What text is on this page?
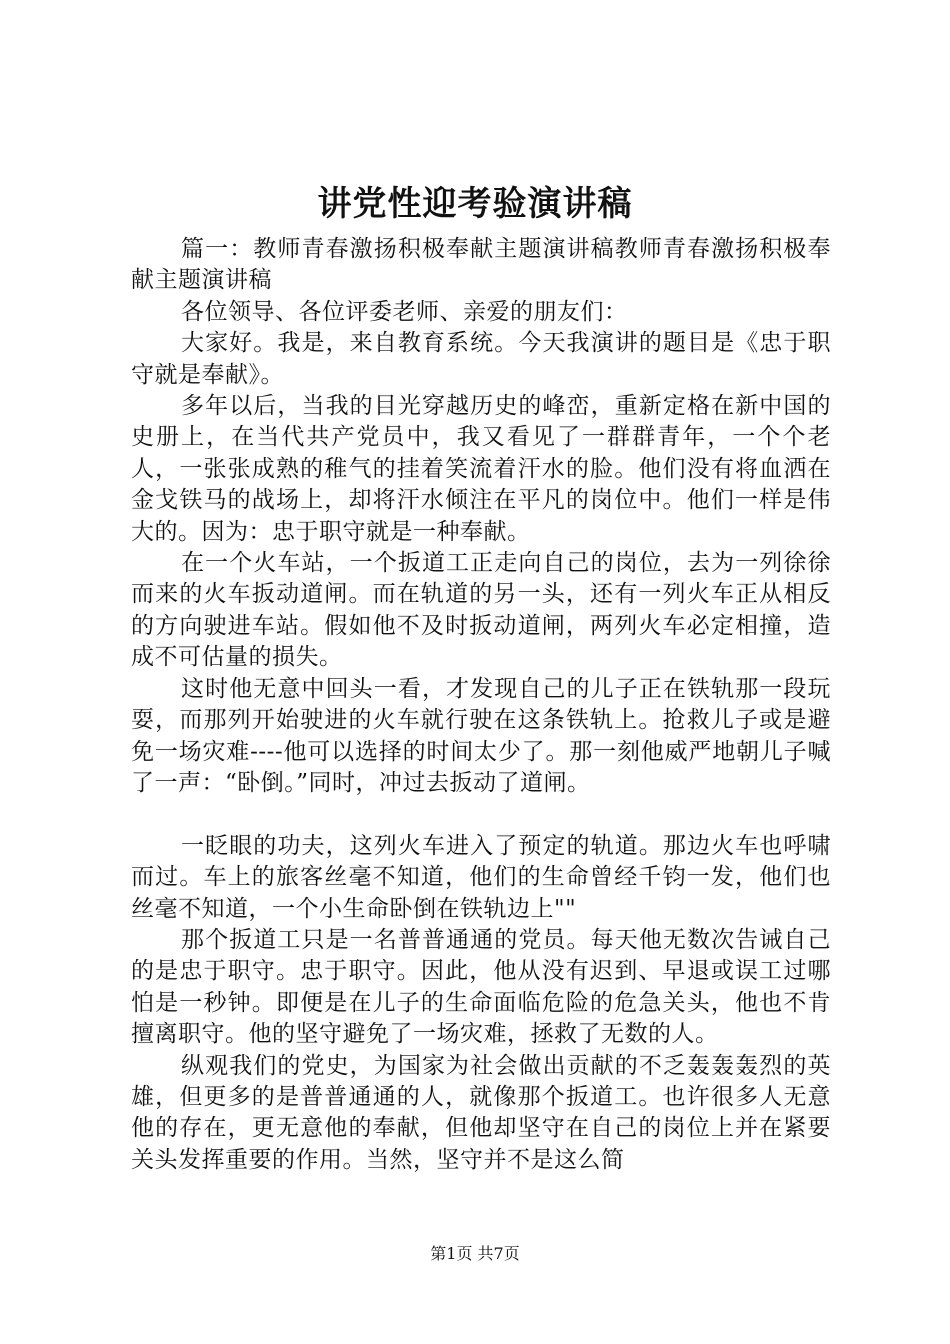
讲党性迎考验演讲稿

篇一：教师青春激扬积极奉献主题演讲稿教师青春激扬积极奉献主题演讲稿

各位领导、各位评委老师、亲爱的朋友们：

大家好。我是，来自教育系统。今天我演讲的题目是《忠于职守就是奉献》。

多年以后，当我的目光穿越历史的峰峦，重新定格在新中国的史册上，在当代共产党员中，我又看见了一群群青年，一个个老人，一张张成熟的稚气的挂着笑流着汗水的脸。他们没有将血洒在金戈铁马的战场上，却将汗水倾注在平凡的岗位中。他们一样是伟大的。因为：忠于职守就是一种奉献。

在一个火车站，一个扳道工正走向自己的岗位，去为一列徐徐而来的火车扳动道闸。而在轨道的另一头，还有一列火车正从相反的方向驶进车站。假如他不及时扳动道闸，两列火车必定相撞，造成不可估量的损失。

这时他无意中回头一看，才发现自己的儿子正在铁轨那一段玩耍，而那列开始驶进的火车就行驶在这条铁轨上。抢救儿子或是避免一场灾难----他可以选择的时间太少了。那一刻他威严地朝儿子喊了一声：“卧倒。”同时，冲过去扳动了道闸。

一眨眼的功夫，这列火车进入了预定的轨道。那边火车也呼啸而过。车上的旅客丝毫不知道，他们的生命曾经千钧一发，他们也丝毫不知道，一个小生命卧倒在铁轨边上""

那个扳道工只是一名普普通通的党员。每天他无数次告诫自己的是忠于职守。忠于职守。因此，他从没有迟到、早退或误工过哪怕是一秒钟。即便是在儿子的生命面临危险的危急关头，他也不肯擅离职守。他的坚守避免了一场灾难，拯救了无数的人。

纵观我们的党史，为国家为社会做出贡献的不乏轰轰轰烈的英雄，但更多的是普普通通的人，就像那个扳道工。也许很多人无意他的存在，更无意他的奉献，但他却坚守在自己的岗位上并在紧要关头发挥重要的作用。当然，坚守并不是这么简

第1页 共7页
